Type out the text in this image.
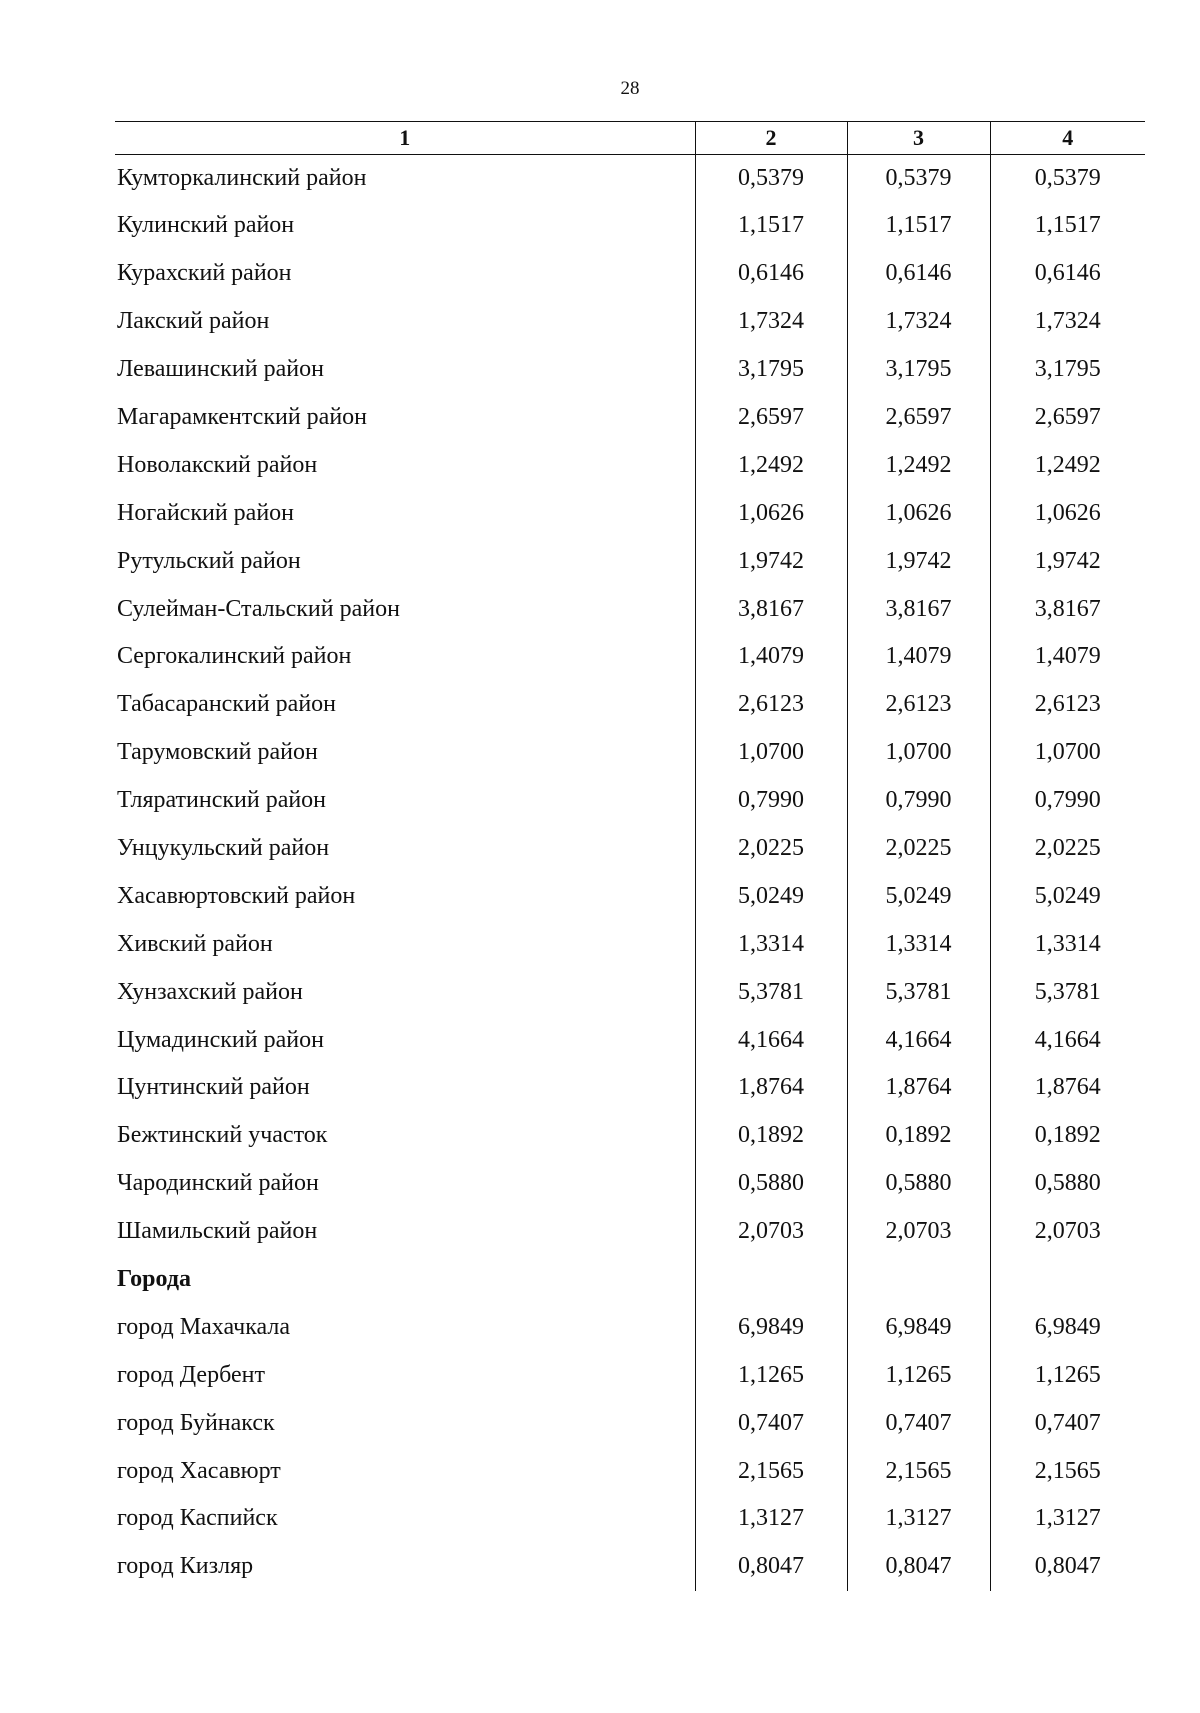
28
1	2	3	4
Кумторкалинский район	0,5379	0,5379	0,5379
Кулинский район	1,1517	1,1517	1,1517
Курахский район	0,6146	0,6146	0,6146
Лакский район	1,7324	1,7324	1,7324
Левашинский район	3,1795	3,1795	3,1795
Магарамкентский район	2,6597	2,6597	2,6597
Новолакский район	1,2492	1,2492	1,2492
Ногайский район	1,0626	1,0626	1,0626
Рутульский район	1,9742	1,9742	1,9742
Сулейман-Стальский район	3,8167	3,8167	3,8167
Сергокалинский район	1,4079	1,4079	1,4079
Табасаранский район	2,6123	2,6123	2,6123
Тарумовский район	1,0700	1,0700	1,0700
Тляратинский район	0,7990	0,7990	0,7990
Унцукульский район	2,0225	2,0225	2,0225
Хасавюртовский район	5,0249	5,0249	5,0249
Хивский район	1,3314	1,3314	1,3314
Хунзахский район	5,3781	5,3781	5,3781
Цумадинский район	4,1664	4,1664	4,1664
Цунтинский район	1,8764	1,8764	1,8764
Бежтинский участок	0,1892	0,1892	0,1892
Чародинский район	0,5880	0,5880	0,5880
Шамильский район	2,0703	2,0703	2,0703
Города			
город Махачкала	6,9849	6,9849	6,9849
город Дербент	1,1265	1,1265	1,1265
город Буйнакск	0,7407	0,7407	0,7407
город Хасавюрт	2,1565	2,1565	2,1565
город Каспийск	1,3127	1,3127	1,3127
город Кизляр	0,8047	0,8047	0,8047
